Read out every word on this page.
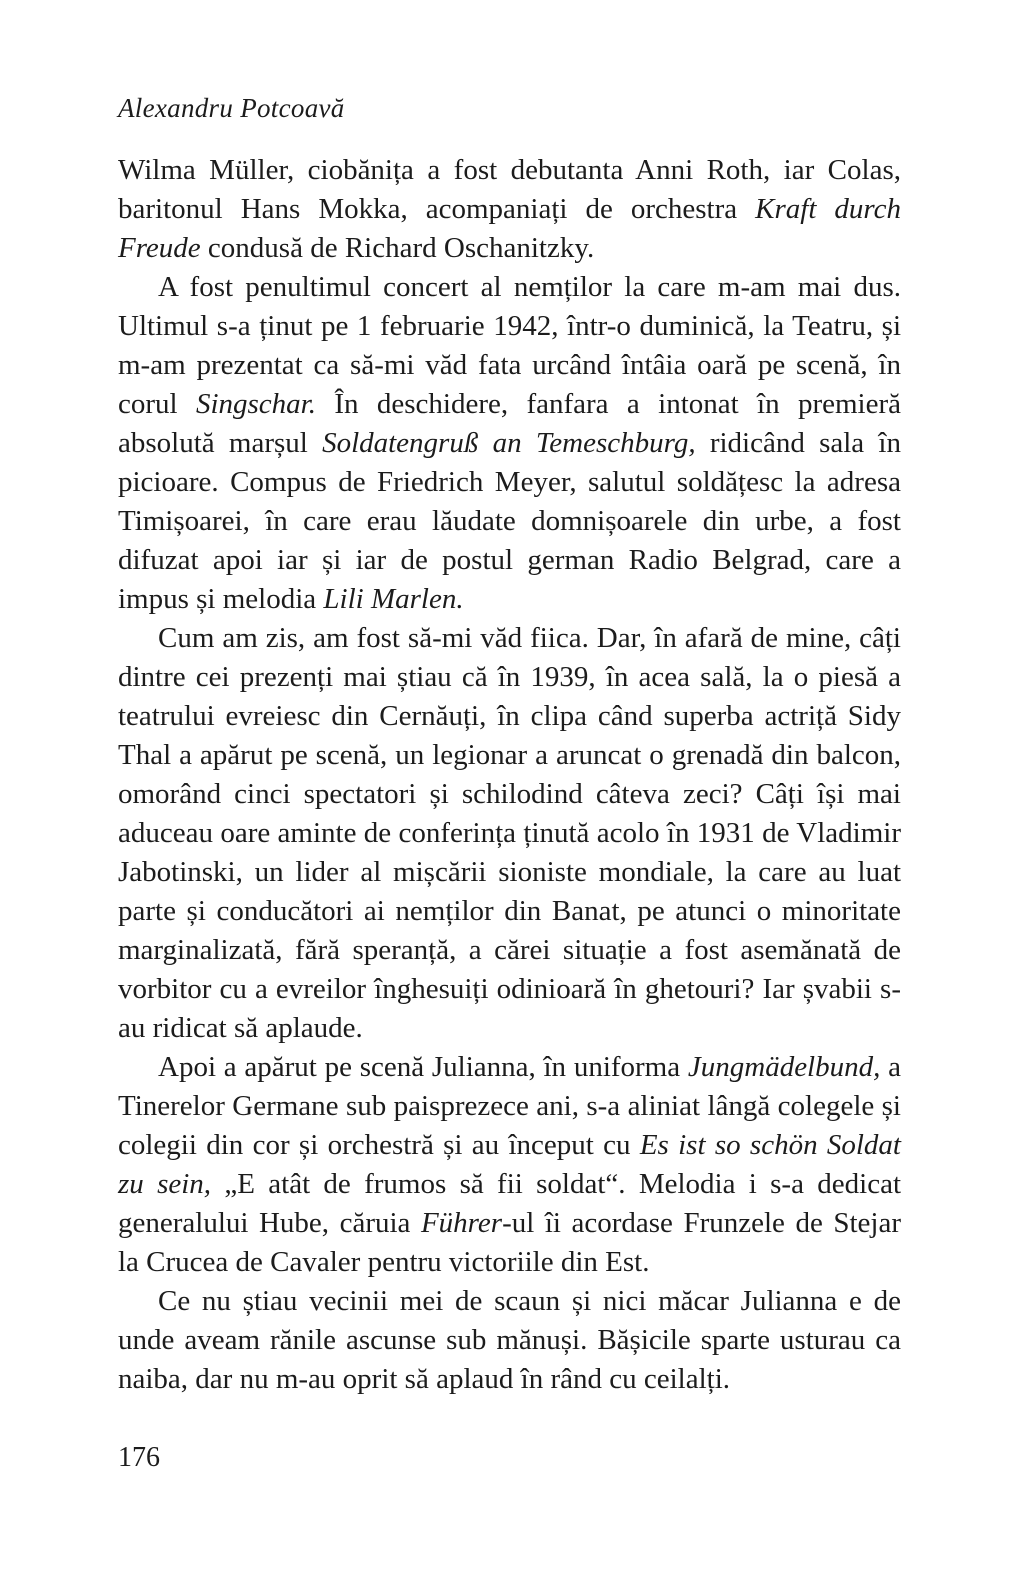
Alexandru Potcoavă

Wilma Müller, ciobănița a fost debutanta Anni Roth, iar Colas, baritonul Hans Mokka, acompaniați de orchestra Kraft durch Freude condusă de Richard Oschanitzky.

A fost penultimul concert al nemților la care m-am mai dus. Ultimul s-a ținut pe 1 februarie 1942, într-o duminică, la Teatru, și m-am prezentat ca să-mi văd fata urcând întâia oară pe scenă, în corul Singschar. În deschidere, fanfara a intonat în premieră absolută marșul Soldatengruß an Temeschburg, ridicând sala în picioare. Compus de Friedrich Meyer, salutul soldățesc la adresa Timișoarei, în care erau lăudate domnișoarele din urbe, a fost difuzat apoi iar și iar de postul german Radio Belgrad, care a impus și melodia Lili Marlen.

Cum am zis, am fost să-mi văd fiica. Dar, în afară de mine, câți dintre cei prezenți mai știau că în 1939, în acea sală, la o piesă a teatrului evreiesc din Cernăuți, în clipa când superba actriță Sidy Thal a apărut pe scenă, un legionar a aruncat o grenadă din balcon, omorând cinci spectatori și schilodind câteva zeci? Câți își mai aduceau oare aminte de conferința ținută acolo în 1931 de Vladimir Jabotinski, un lider al mișcării sioniste mondiale, la care au luat parte și conducători ai nemților din Banat, pe atunci o minoritate marginalizată, fără speranță, a cărei situație a fost asemănată de vorbitor cu a evreilor înghesuiți odinioară în ghetouri? Iar șvabii s-au ridicat să aplaude.

Apoi a apărut pe scenă Julianna, în uniforma Jungmädelbund, a Tinerelor Germane sub paisprezece ani, s-a aliniat lângă colegele și colegii din cor și orchestră și au început cu Es ist so schön Soldat zu sein, „E atât de frumos să fii soldat“. Melodia i s-a dedicat generalului Hube, căruia Führer-ul îi acordase Frunzele de Stejar la Crucea de Cavaler pentru victoriile din Est.

Ce nu știau vecinii mei de scaun și nici măcar Julianna e de unde aveam rănile ascunse sub mănuși. Bășicile sparte usturau ca naiba, dar nu m-au oprit să aplaud în rând cu ceilalți.

176
